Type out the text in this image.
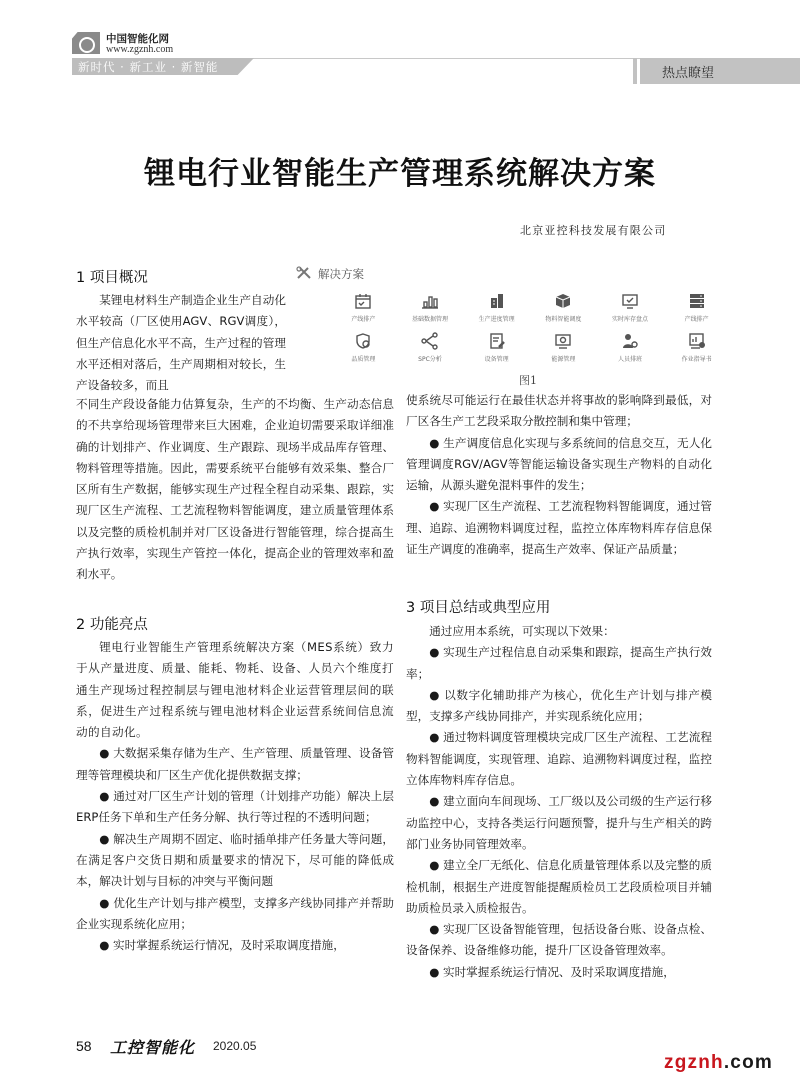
中国智能化网
www.zgznh.com
新时代 · 新工业 · 新智能	热点瞭望
锂电行业智能生产管理系统解决方案
北京亚控科技发展有限公司
1 项目概况

某锂电材料生产制造企业生产自动化水平较高（厂区使用AGV、RGV调度），但生产信息化水平不高，生产过程的管理水平还相对落后，生产周期相对较长，生产设备较多，而且

不同生产段设备能力估算复杂，生产的不均衡、生产动态信息的不共享给现场管理带来巨大困难，企业迫切需要采取详细准确的计划排产、作业调度、生产跟踪、现场半成品库存管理、物料管理等措施。因此，需要系统平台能够有效采集、整合厂区所有生产数据，能够实现生产过程全程自动采集、跟踪，实现厂区生产流程、工艺流程物料智能调度，建立质量管理体系以及完整的质检机制并对厂区设备进行智能管理，综合提高生产执行效率，实现生产管控一体化，提高企业的管理效率和盈利水平。

解决方案
产线排产	基础数据管理	生产进度管理	物料智能调度	实时库存盘点	产线排产
品质管理	SPC分析	设备管理	能源管理	人员排班	作业指导书
图1
2 功能亮点

锂电行业智能生产管理系统解决方案（MES系统）致力于从产量进度、质量、能耗、物耗、设备、人员六个维度打通生产现场过程控制层与锂电池材料企业运营管理层间的联系，促进生产过程系统与锂电池材料企业运营系统间信息流动的自动化。

● 大数据采集存储为生产、生产管理、质量管理、设备管理等管理模块和厂区生产优化提供数据支撑；

● 通过对厂区生产计划的管理（计划排产功能）解决上层ERP任务下单和生产任务分解、执行等过程的不透明问题；

● 解决生产周期不固定、临时插单排产任务量大等问题，在满足客户交货日期和质量要求的情况下，尽可能的降低成本，解决计划与目标的冲突与平衡问题

● 优化生产计划与排产模型，支撑多产线协同排产并帮助企业实现系统化应用；

● 实时掌握系统运行情况，及时采取调度措施，

使系统尽可能运行在最佳状态并将事故的影响降到最低，对厂区各生产工艺段采取分散控制和集中管理；

● 生产调度信息化实现与多系统间的信息交互，无人化管理调度RGV/AGV等智能运输设备实现生产物料的自动化运输，从源头避免混料事件的发生；

● 实现厂区生产流程、工艺流程物料智能调度，通过管理、追踪、追溯物料调度过程，监控立体库物料库存信息保证生产调度的准确率，提高生产效率、保证产品质量；

3 项目总结或典型应用

通过应用本系统，可实现以下效果：

● 实现生产过程信息自动采集和跟踪，提高生产执行效率；

● 以数字化辅助排产为核心，优化生产计划与排产模型，支撑多产线协同排产，并实现系统化应用；

● 通过物料调度管理模块完成厂区生产流程、工艺流程物料智能调度，实现管理、追踪、追溯物料调度过程，监控立体库物料库存信息。

● 建立面向车间现场、工厂级以及公司级的生产运行移动监控中心，支持各类运行问题预警，提升与生产相关的跨部门业务协同管理效率。

● 建立全厂无纸化、信息化质量管理体系以及完整的质检机制，根据生产进度智能提醒质检员工艺段质检项目并辅助质检员录入质检报告。

● 实现厂区设备智能管理，包括设备台账、设备点检、设备保养、设备维修功能，提升厂区设备管理效率。

● 实时掌握系统运行情况、及时采取调度措施，

58 工控智能化 2020.05
zgznh.com
